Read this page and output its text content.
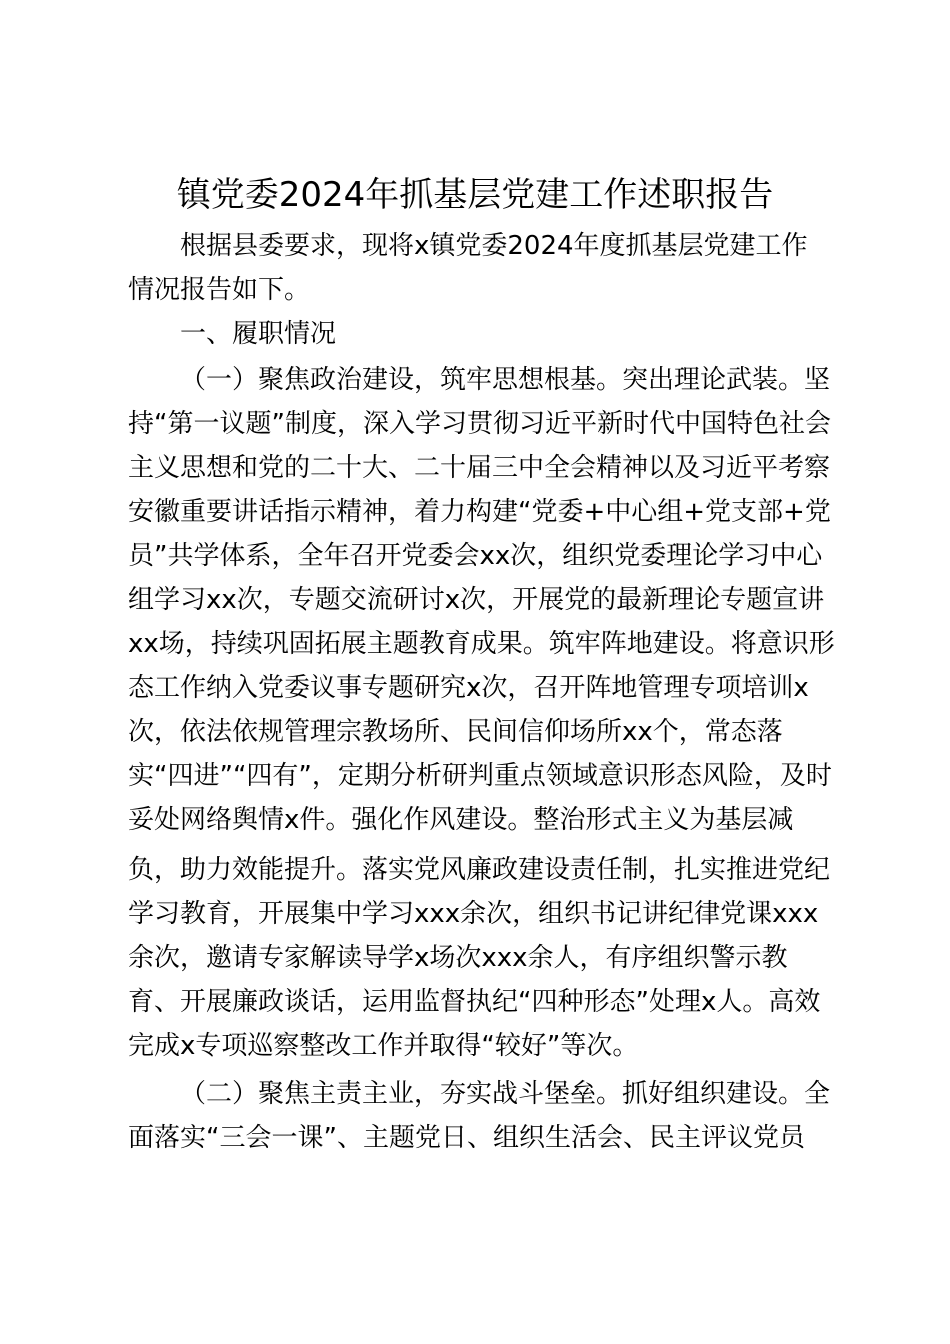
镇党委2024年抓基层党建工作述职报告
根据县委要求，现将x镇党委2024年度抓基层党建工作
情况报告如下。
一、履职情况
（一）聚焦政治建设，筑牢思想根基。突出理论武装。坚
持“第一议题”制度，深入学习贯彻习近平新时代中国特色社会
主义思想和党的二十大、二十届三中全会精神以及习近平考察
安徽重要讲话指示精神，着力构建“党委+中心组+党支部+党
员”共学体系，全年召开党委会xx次，组织党委理论学习中心
组学习xx次，专题交流研讨x次，开展党的最新理论专题宣讲
xx场，持续巩固拓展主题教育成果。筑牢阵地建设。将意识形
态工作纳入党委议事专题研究x次，召开阵地管理专项培训x
次，依法依规管理宗教场所、民间信仰场所xx个，常态落
实“四进”“四有”，定期分析研判重点领域意识形态风险，及时
妥处网络舆情x件。强化作风建设。整治形式主义为基层减
负，助力效能提升。落实党风廉政建设责任制，扎实推进党纪
学习教育，开展集中学习xxx余次，组织书记讲纪律党课xxx
余次，邀请专家解读导学x场次xxx余人，有序组织警示教
育、开展廉政谈话，运用监督执纪“四种形态”处理x人。高效
完成x专项巡察整改工作并取得“较好”等次。
（二）聚焦主责主业，夯实战斗堡垒。抓好组织建设。全
面落实“三会一课”、主题党日、组织生活会、民主评议党员
